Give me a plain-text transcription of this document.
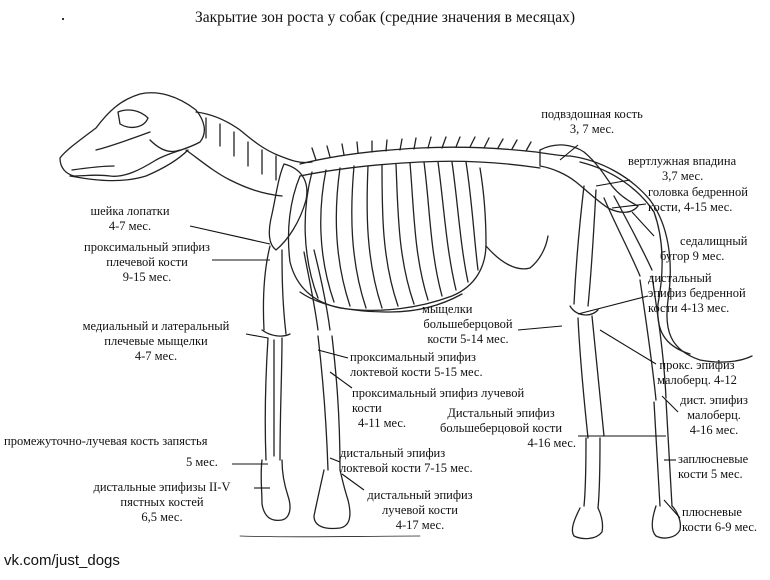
Закрытие зон роста у собак (средние значения в месяцах)
подвздошная кость
3, 7 мес.
вертлужная впадина
3,7 мес.
головка бедренной
кости, 4-15 мес.
седалищный
бугор 9 мес.
дистальный
эпифиз бедренной
кости 4-13 мес.
прокс. эпифиз
малоберц. 4-12
дист. эпифиз
малоберц.
4-16 мес.
заплюсневые
кости 5 мес.
плюсневые
кости 6-9 мес.
шейка лопатки
4-7 мес.
проксимальный эпифиз
плечевой кости
9-15 мес.
медиальный и латеральный
плечевые мыщелки
4-7 мес.
мыщелки
большеберцовой
кости 5-14 мес.
проксимальный эпифиз
локтевой кости 5-15 мес.
проксимальный эпифиз лучевой
кости
4-11 мес.
Дистальный эпифиз
большеберцовой кости
4-16 мес.
промежуточно-лучевая кость запястья
5 мес.
дистальный эпифиз
локтевой кости 7-15 мес.
дистальные эпифизы II-V
пястных костей
6,5 мес.
дистальный эпифиз
лучевой кости
4-17 мес.
vk.com/just_dogs
